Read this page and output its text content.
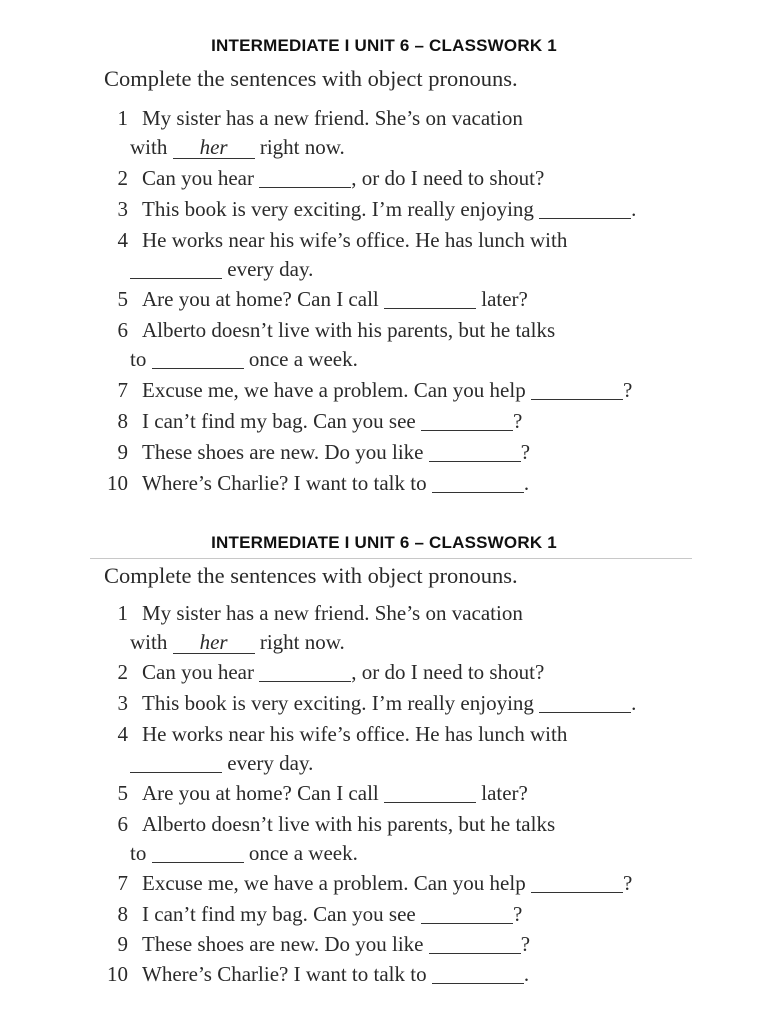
INTERMEDIATE I UNIT 6 – CLASSWORK 1
Complete the sentences with object pronouns.
1 My sister has a new friend. She’s on vacation
with her right now.
2 Can you hear	, or do I need to shout?
3 This book is very exciting. I’m really enjoying	.
4 He works near his wife’s office. He has lunch with
every day.
5 Are you at home? Can I call	later?
6 Alberto doesn’t live with his parents, but he talks
to	once a week.
7 Excuse me, we have a problem. Can you help	?
8 I can’t find my bag. Can you see	?
9 These shoes are new. Do you like	?
10 Where’s Charlie? I want to talk to	.
INTERMEDIATE I UNIT 6 – CLASSWORK 1
Complete the sentences with object pronouns.
1 My sister has a new friend. She’s on vacation
with her right now.
2 Can you hear	, or do I need to shout?
3 This book is very exciting. I’m really enjoying	.
4 He works near his wife’s office. He has lunch with
every day.
5 Are you at home? Can I call	later?
6 Alberto doesn’t live with his parents, but he talks
to	once a week.
7 Excuse me, we have a problem. Can you help	?
8 I can’t find my bag. Can you see	?
9 These shoes are new. Do you like	?
10 Where’s Charlie? I want to talk to	.
